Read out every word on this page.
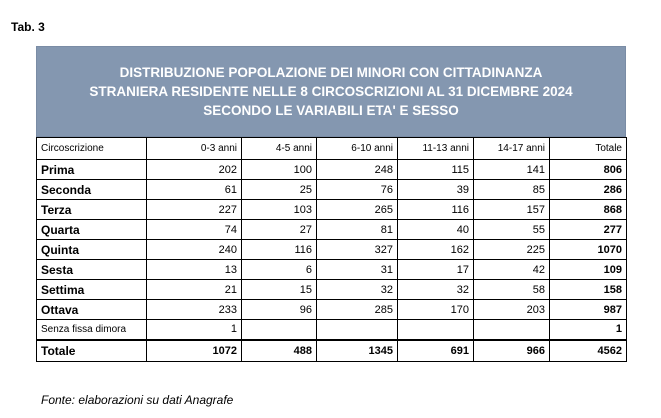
Tab. 3
DISTRIBUZIONE POPOLAZIONE DEI MINORI CON CITTADINANZA
STRANIERA RESIDENTE NELLE 8 CIRCOSCRIZIONI AL 31 DICEMBRE 2024
SECONDO LE VARIABILI ETA' E SESSO
Circoscrizione	0-3 anni	4-5 anni	6-10 anni	11-13 anni	14-17 anni	Totale
Prima	202	100	248	115	141	806
Seconda	61	25	76	39	85	286
Terza	227	103	265	116	157	868
Quarta	74	27	81	40	55	277
Quinta	240	116	327	162	225	1070
Sesta	13	6	31	17	42	109
Settima	21	15	32	32	58	158
Ottava	233	96	285	170	203	987
Senza fissa dimora	1					1
Totale	1072	488	1345	691	966	4562
Fonte: elaborazioni su dati Anagrafe
